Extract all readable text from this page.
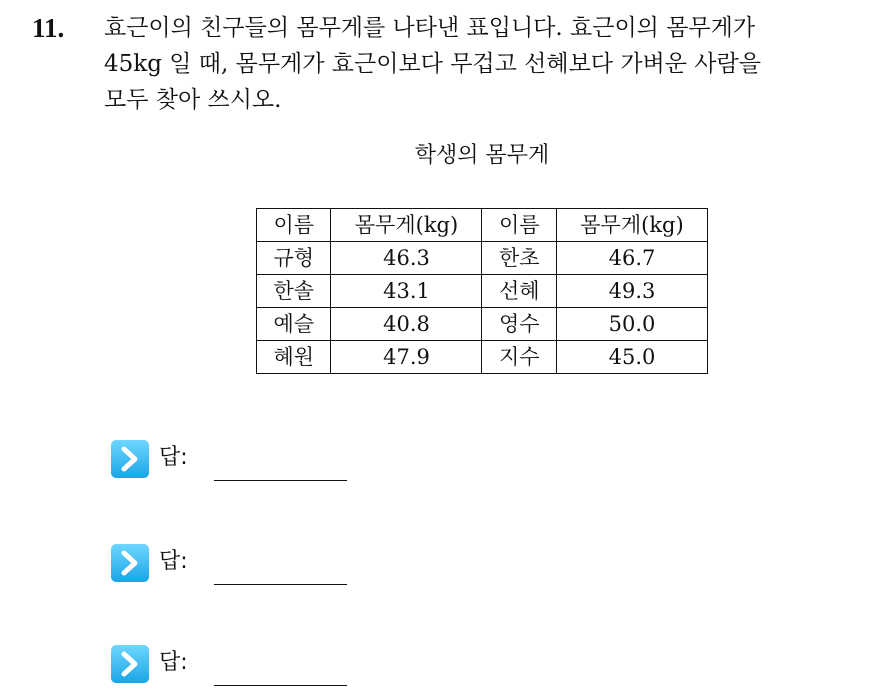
11. 효근이의 친구들의 몸무게를 나타낸 표입니다. 효근이의 몸무게가
45kg 일 때, 몸무게가 효근이보다 무겁고 선혜보다 가벼운 사람을
모두 찾아 쓰시오.
학생의 몸무게
이름	몸무게(kg)	이름	몸무게(kg)
규형	46.3	한초	46.7
한솔	43.1	선혜	49.3
예슬	40.8	영수	50.0
혜원	47.9	지수	45.0
답:
답:
답:
